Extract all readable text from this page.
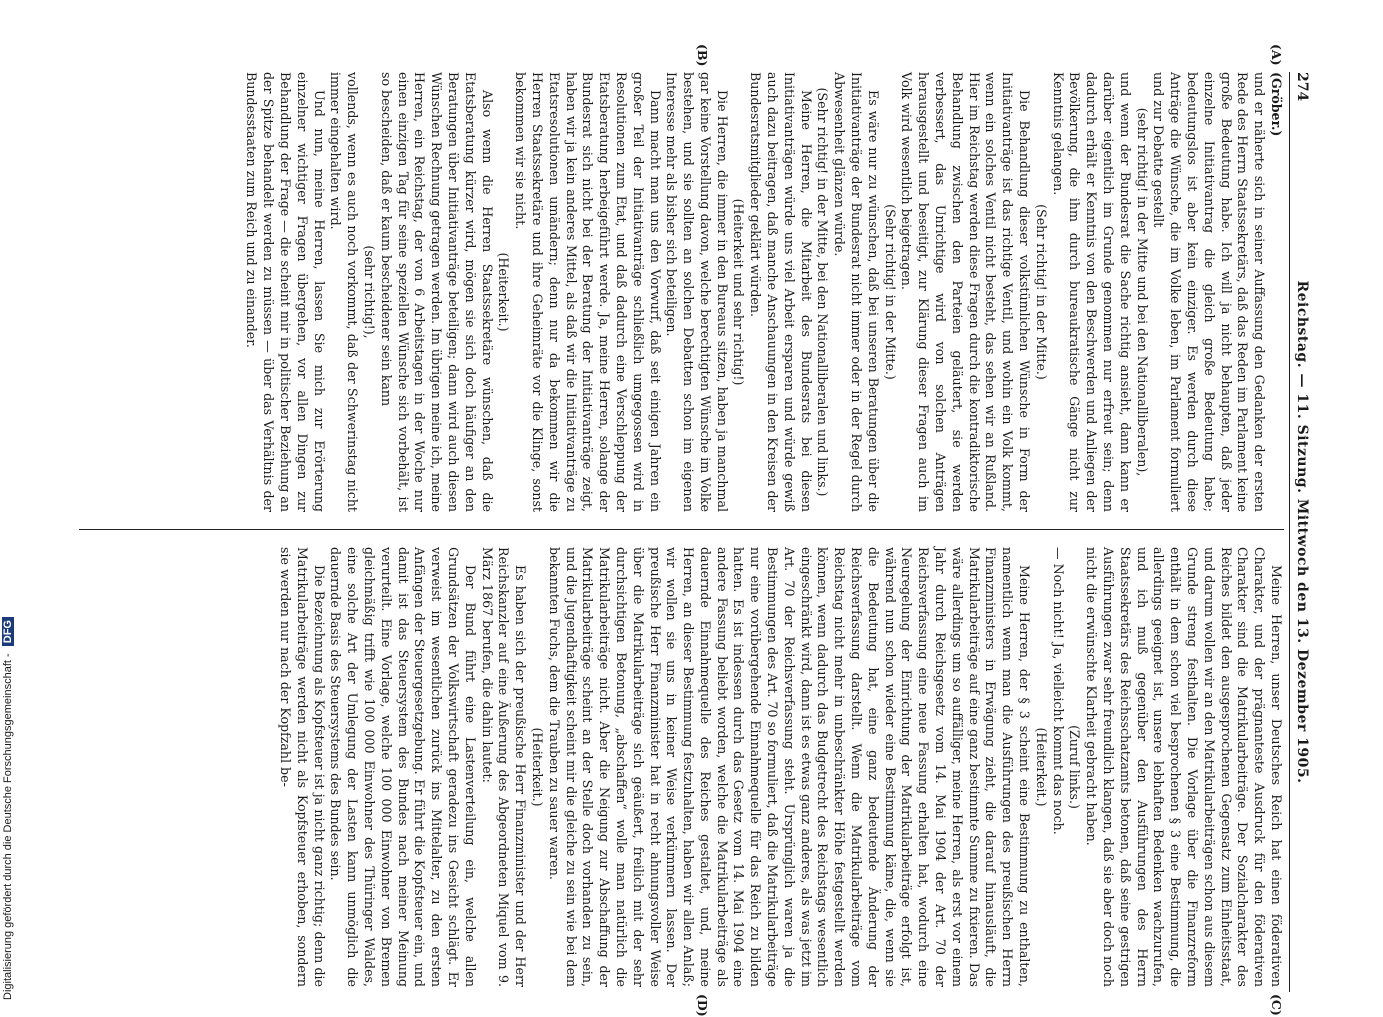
274
Reichstag. — 11. Sitzung. Mittwoch den 13. Dezember 1905.

(Gröber.)

und er näherte sich in seiner Auffassung den Gedanken der ersten Rede des Herrn Staatssekretärs, daß das Reden im Parlament keine große Bedeutung habe. Ich will ja nicht behaupten, daß jeder einzelne Initiativantrag die gleich große Bedeutung habe; bedeutungslos ist aber kein einziger. Es werden durch diese Anträge die Wünsche, die im Volke leben, im Parlament formuliert und zur Debatte gestellt

(sehr richtig! in der Mitte und bei den Nationalliberalen),

und wenn der Bundesrat die Sache richtig ansieht, dann kann er darüber eigentlich im Grunde genommen nur erfreut sein; denn dadurch erhält er Kenntnis von den Beschwerden und Anliegen der Bevölkerung, die ihm durch bureaukratische Gänge nicht zur Kenntnis gelangen.

(Sehr richtig! in der Mitte.)

Die Behandlung dieser volkstümlichen Wünsche in Form der Initiativanträge ist das richtige Ventil, und wohin ein Volk kommt, wenn ein solches Ventil nicht besteht, das sehen wir an Rußland. Hier im Reichstag werden diese Fragen durch die kontradiktorische Behandlung zwischen den Parteien geläutert, sie werden verbessert, das Unrichtige wird von solchen Anträgen herausgestellt und beseitigt, zur Klärung dieser Fragen auch im Volk wird wesentlich beigetragen.

(Sehr richtig! in der Mitte.)

Es wäre nur zu wünschen, daß bei unseren Beratungen über die Initiativanträge der Bundesrat nicht immer oder in der Regel durch Abwesenheit glänzen würde.

(Sehr richtig! in der Mitte, bei den Nationalliberalen und links.)

Meine Herren, die Mitarbeit des Bundesrats bei diesen Initiativanträgen würde uns viel Arbeit ersparen und würde gewiß auch dazu beitragen, daß manche Anschauungen in den Kreisen der Bundesratsmitglieder geklärt würden.

(Heiterkeit und sehr richtig!)

Die Herren, die immer in den Bureaus sitzen, haben ja manchmal gar keine Vorstellung davon, welche berechtigten Wünsche im Volke bestehen, und sie sollten an solchen Debatten schon im eigenen Interesse mehr als bisher sich beteiligen.

Dann macht man uns den Vorwurf, daß seit einigen Jahren ein großer Teil der Initiativanträge schließlich umgegossen wird in Resolutionen zum Etat, und daß dadurch eine Verschleppung der Etatsberatung herbeigeführt werde. Ja, meine Herren, solange der Bundesrat sich nicht bei der Beratung der Initiativanträge zeigt, haben wir ja kein anderes Mittel, als daß wir die Initiativanträge zu Etatsresolutionen umändern; denn nur da bekommen wir die Herren Staatssekretäre und ihre Geheimräte vor die Klinge, sonst bekommen wir sie nicht.

(Heiterkeit.)

Also wenn die Herren Staatssekretäre wünschen, daß die Etatsberatung kürzer wird, mögen sie sich doch häufiger an den Beratungen über Initiativanträge beteiligen; dann wird auch diesen Wünschen Rechnung getragen werden. Im übrigen meine ich, meine Herren, ein Reichstag, der von 6 Arbeitstagen in der Woche nur einen einzigen Tag für seine speziellen Wünsche sich vorbehält, ist so bescheiden, daß er kaum bescheidener sein kann

(sehr richtig!),

vollends, wenn es auch noch vorkommt, daß der Schwerinstag nicht immer eingehalten wird.

Und nun, meine Herren, lassen Sie mich zur Erörterung einzelner wichtiger Fragen übergehen, vor allen Dingen zur Behandlung der Frage — die scheint mir in politischer Beziehung an der Spitze behandelt werden zu müssen — über das Verhältnis der Bundesstaaten zum Reich und zu einander.

Meine Herren, unser Deutsches Reich hat einen föderativen Charakter, und der prägnanteste Ausdruck für den föderativen Charakter sind die Matrikularbeiträge. Der Sozialcharakter des Reiches bildet den ausgesprochenen Gegensatz zum Einheitsstaat, und darum wollen wir an den Matrikularbeiträgen schon aus diesem Grunde streng festhalten. Die Vorlage über die Finanzreform enthält in dem schon viel besprochenen § 3 eine Bestimmung, die allerdings geeignet ist, unsere lebhaften Bedenken wachzurufen, und ich muß gegenüber den Ausführungen des Herrn Staatssekretärs des Reichsschatzamts betonen, daß seine gestrigen Ausführungen zwar sehr freundlich klangen, daß sie aber doch noch nicht die erwünschte Klarheit gebracht haben.

(Zuruf links.)

— Noch nicht! Ja, vielleicht kommt das noch.

(Heiterkeit.)

Meine Herren, der § 3 scheint eine Bestimmung zu enthalten, namentlich wenn man die Ausführungen des preußischen Herrn Finanzministers in Erwägung zieht, die darauf hinausläuft, die Matrikularbeiträge auf eine ganz bestimmte Summe zu fixieren. Das wäre allerdings um so auffälliger, meine Herren, als erst vor einem Jahr durch Reichsgesetz vom 14. Mai 1904 der Art. 70 der Reichsverfassung eine neue Fassung erhalten hat, wodurch eine Neuregelung der Einrichtung der Matrikularbeiträge erfolgt ist, während nun schon wieder eine Bestimmung käme, die, wenn sie die Bedeutung hat, eine ganz bedeutende Änderung der Reichsverfassung darstellt. Wenn die Matrikularbeiträge vom Reichstag nicht mehr in unbeschränkter Höhe festgestellt werden können, wenn dadurch das Budgetrecht des Reichstags wesentlich eingeschränkt wird, dann ist es etwas ganz anderes, als was jetzt im Art. 70 der Reichsverfassung steht. Ursprünglich waren ja die Bestimmungen des Art. 70 so formuliert, daß die Matrikularbeiträge nur eine vorübergehende Einnahmequelle für das Reich zu bilden hatten. Es ist indessen durch das Gesetz vom 14. Mai 1904 eine andere Fassung beliebt worden, welche die Matrikularbeiträge als dauernde Einnahmequelle des Reiches gestaltet, und, meine Herren, an dieser Bestimmung festzuhalten, haben wir allen Anlaß; wir wollen sie uns in keiner Weise verkümmern lassen. Der preußische Herr Finanzminister hat in recht ahnungsvoller Weise über die Matrikularbeiträge sich geäußert, freilich mit der sehr durchsichtigen Betonung, „abschaffen“ wolle man natürlich die Matrikularbeiträge nicht. Aber die Neigung zur Abschaffung der Matrikularbeiträge scheint an der Stelle doch vorhanden zu sein, und die Jugendhaftigkeit scheint mir die gleiche zu sein wie bei dem bekannten Fuchs, dem die Trauben zu sauer waren.

(Heiterkeit.)

Es haben sich der preußische Herr Finanzminister und der Herr Reichskanzler auf eine Äußerung des Abgeordneten Miquel vom 9. März 1867 berufen, die dahin lautet:

Der Bund führt eine Lastenverteilung ein, welche allen Grundsätzen der Volkswirtschaft geradezu ins Gesicht schlägt. Er verweist im wesentlichen zurück ins Mittelalter, zu den ersten Anfängen der Steuergesetzgebung. Er führt die Kopfsteuer ein, und damit ist das Steuersystem des Bundes nach meiner Meinung verurteilt. Eine Vorlage, welche 100 000 Einwohner von Bremen gleichmäßig trifft wie 100 000 Einwohner des Thüringer Waldes, eine solche Art der Umlegung der Lasten kann unmöglich die dauernde Basis des Steuersystems des Bundes sein.

Die Bezeichnung als Kopfsteuer ist ja nicht ganz richtig; denn die Matrikularbeiträge werden nicht als Kopfsteuer erhoben, sondern sie werden nur nach der Kopfzahl be-

(A)
(B)
(C)
(D)
Digitalisierung gefördert durch die Deutsche Forschungsgemeinschaft - DFG
